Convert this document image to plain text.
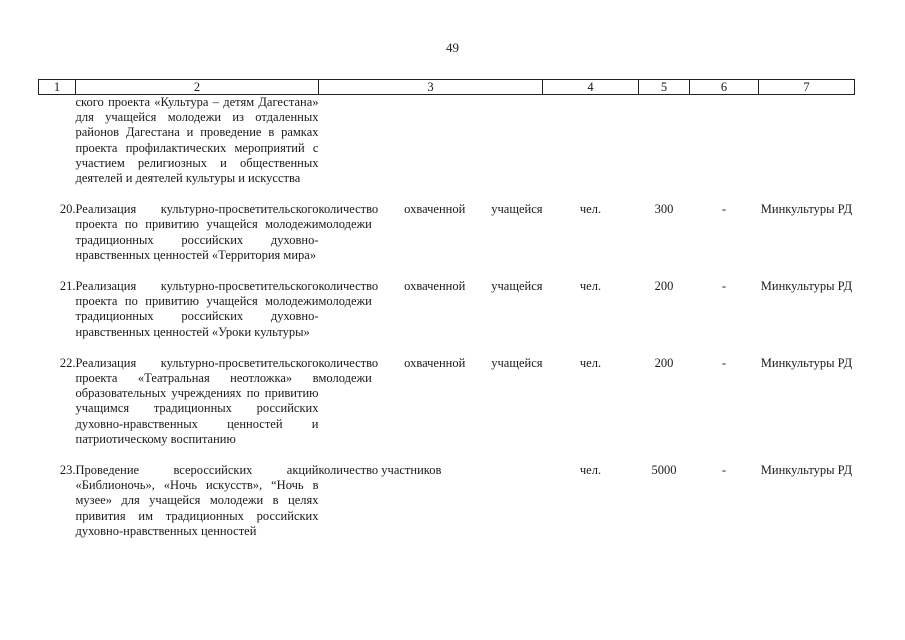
49
1	2	3	4	5	6	7
	ского проекта «Культура – детям Дагестана» для учащейся молодежи из отдаленных районов Дагестана и проведение в рамках проекта профилактических мероприятий с участием религиозных и общественных деятелей и деятелей культуры и искусства					

20.	Реализация культурно-просветительского проекта по привитию учащейся молодежи традиционных российских духовно-нравственных ценностей «Территория мира»	количество охваченной учащейся молодежи	чел.	300	-	Минкультуры РД

21.	Реализация культурно-просветительского проекта по привитию учащейся молодежи традиционных российских духовно-нравственных ценностей «Уроки культуры»	количество охваченной учащейся молодежи	чел.	200	-	Минкультуры РД

22.	Реализация культурно-просветительского проекта «Театральная неотложка» в образовательных учреждениях по привитию учащимся традиционных российских духовно-нравственных ценностей и патриотическому воспитанию	количество охваченной учащейся молодежи	чел.	200	-	Минкультуры РД

23.	Проведение всероссийских акций «Библионочь», «Ночь искусств», “Ночь в музее» для учащейся молодежи в целях привития им традиционных российских духовно-нравственных ценностей	количество участников	чел.	5000	-	Минкультуры РД
